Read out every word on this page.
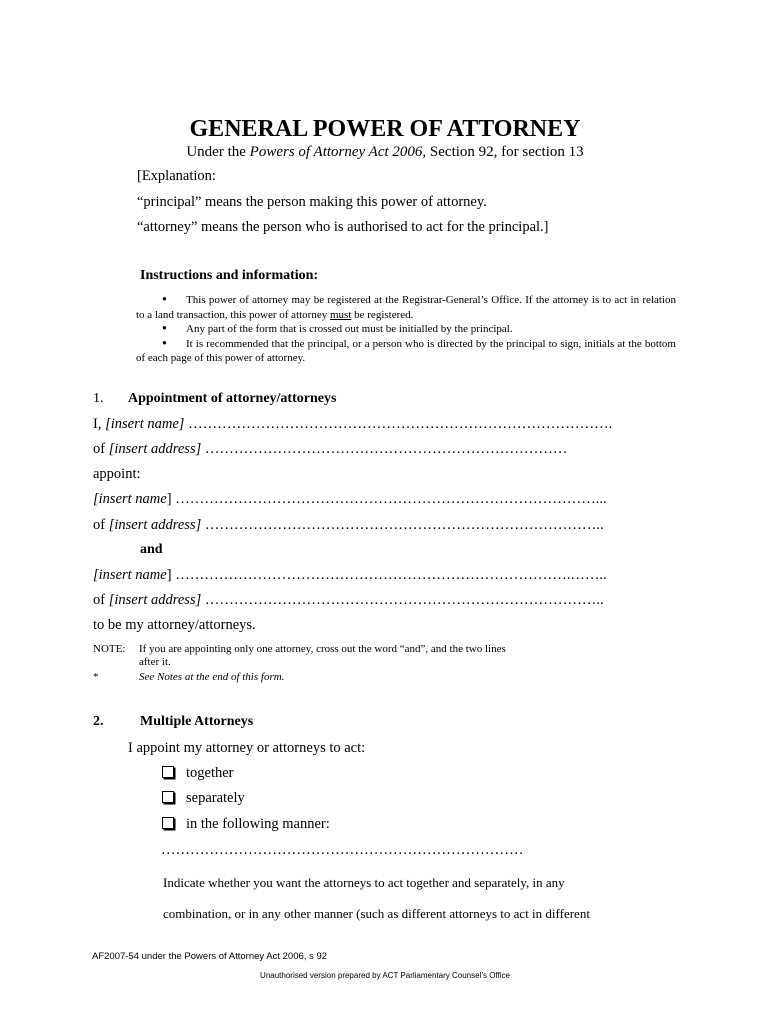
GENERAL POWER OF ATTORNEY
Under the Powers of Attorney Act 2006, Section 92, for section 13
[Explanation:
“principal” means the person making this power of attorney.
“attorney” means the person who is authorised to act for the principal.]
Instructions and information:
●This power of attorney may be registered at the Registrar-General’s Office. If the attorney is to act in relation to a land transaction, this power of attorney must be registered.
●Any part of the form that is crossed out must be initialled by the principal.
●It is recommended that the principal, or a person who is directed by the principal to sign, initials at the bottom of each page of this power of attorney.
1. Appointment of attorney/attorneys
I, [insert name] …………………………………………………………………………….
of [insert address] …………………………………………………………………
appoint:
[insert name] ……………………………………………………………………………...
of [insert address] ………………………………………………………………………..
and
[insert name] ……………………………………………………………………….……..
of [insert address] ………………………………………………………………………..
to be my attorney/attorneys.
NOTE: If you are appointing only one attorney, cross out the word “and”, and the two lines
after it.
*	See Notes at the end of this form.
2.	Multiple Attorneys
I appoint my attorney or attorneys to act:
together
separately
in the following manner:
…………………………………………………………………
Indicate whether you want the attorneys to act together and separately, in any
combination, or in any other manner (such as different attorneys to act in different
AF2007-54 under the Powers of Attorney Act 2006, s 92
Unauthorised version prepared by ACT Parliamentary Counsel’s Office
